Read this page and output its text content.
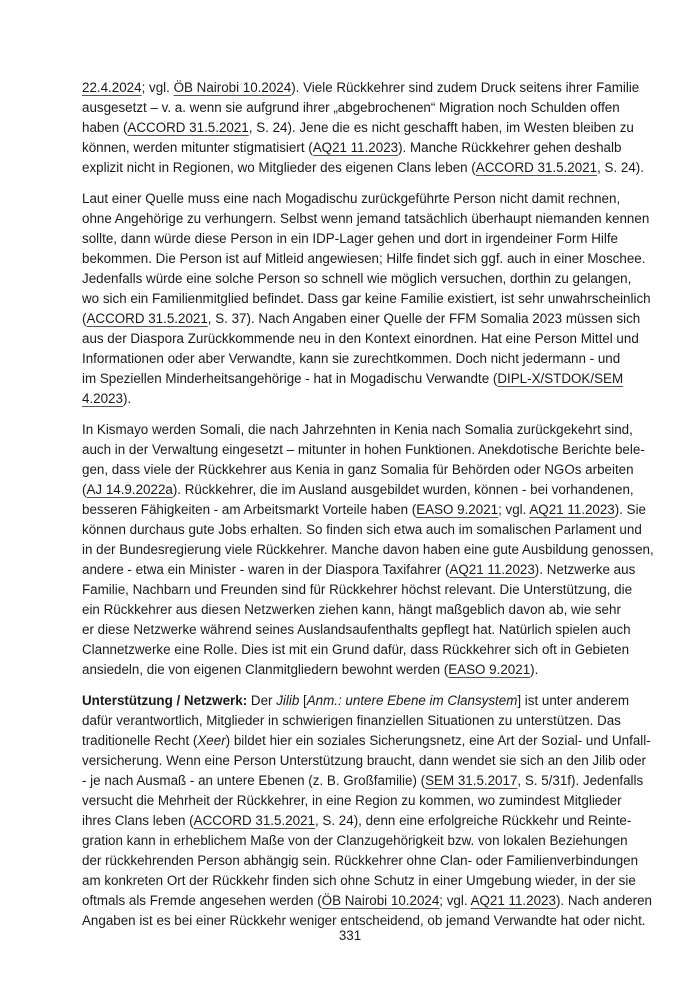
22.4.2024; vgl. ÖB Nairobi 10.2024). Viele Rückkehrer sind zudem Druck seitens ihrer Familie
ausgesetzt – v. a. wenn sie aufgrund ihrer „abgebrochenen“ Migration noch Schulden offen
haben (ACCORD 31.5.2021, S. 24). Jene die es nicht geschafft haben, im Westen bleiben zu
können, werden mitunter stigmatisiert (AQ21 11.2023). Manche Rückkehrer gehen deshalb
explizit nicht in Regionen, wo Mitglieder des eigenen Clans leben (ACCORD 31.5.2021, S. 24).
Laut einer Quelle muss eine nach Mogadischu zurückgeführte Person nicht damit rechnen,
ohne Angehörige zu verhungern. Selbst wenn jemand tatsächlich überhaupt niemanden kennen
sollte, dann würde diese Person in ein IDP-Lager gehen und dort in irgendeiner Form Hilfe
bekommen. Die Person ist auf Mitleid angewiesen; Hilfe findet sich ggf. auch in einer Moschee.
Jedenfalls würde eine solche Person so schnell wie möglich versuchen, dorthin zu gelangen,
wo sich ein Familienmitglied befindet. Dass gar keine Familie existiert, ist sehr unwahrscheinlich
(ACCORD 31.5.2021, S. 37). Nach Angaben einer Quelle der FFM Somalia 2023 müssen sich
aus der Diaspora Zurückkommende neu in den Kontext einordnen. Hat eine Person Mittel und
Informationen oder aber Verwandte, kann sie zurechtkommen. Doch nicht jedermann - und
im Speziellen Minderheitsangehörige - hat in Mogadischu Verwandte (DIPL-X/STDOK/SEM
4.2023).
In Kismayo werden Somali, die nach Jahrzehnten in Kenia nach Somalia zurückgekehrt sind,
auch in der Verwaltung eingesetzt – mitunter in hohen Funktionen. Anekdotische Berichte bele-
gen, dass viele der Rückkehrer aus Kenia in ganz Somalia für Behörden oder NGOs arbeiten
(AJ 14.9.2022a). Rückkehrer, die im Ausland ausgebildet wurden, können - bei vorhandenen,
besseren Fähigkeiten - am Arbeitsmarkt Vorteile haben (EASO 9.2021; vgl. AQ21 11.2023). Sie
können durchaus gute Jobs erhalten. So finden sich etwa auch im somalischen Parlament und
in der Bundesregierung viele Rückkehrer. Manche davon haben eine gute Ausbildung genossen,
andere - etwa ein Minister - waren in der Diaspora Taxifahrer (AQ21 11.2023). Netzwerke aus
Familie, Nachbarn und Freunden sind für Rückkehrer höchst relevant. Die Unterstützung, die
ein Rückkehrer aus diesen Netzwerken ziehen kann, hängt maßgeblich davon ab, wie sehr
er diese Netzwerke während seines Auslandsaufenthalts gepflegt hat. Natürlich spielen auch
Clannetzwerke eine Rolle. Dies ist mit ein Grund dafür, dass Rückkehrer sich oft in Gebieten
ansiedeln, die von eigenen Clanmitgliedern bewohnt werden (EASO 9.2021).
Unterstützung / Netzwerk: Der Jilib [Anm.: untere Ebene im Clansystem] ist unter anderem
dafür verantwortlich, Mitglieder in schwierigen finanziellen Situationen zu unterstützen. Das
traditionelle Recht (Xeer) bildet hier ein soziales Sicherungsnetz, eine Art der Sozial- und Unfall-
versicherung. Wenn eine Person Unterstützung braucht, dann wendet sie sich an den Jilib oder
- je nach Ausmaß - an untere Ebenen (z. B. Großfamilie) (SEM 31.5.2017, S. 5/31f). Jedenfalls
versucht die Mehrheit der Rückkehrer, in eine Region zu kommen, wo zumindest Mitglieder
ihres Clans leben (ACCORD 31.5.2021, S. 24), denn eine erfolgreiche Rückkehr und Reinte-
gration kann in erheblichem Maße von der Clanzugehörigkeit bzw. von lokalen Beziehungen
der rückkehrenden Person abhängig sein. Rückkehrer ohne Clan- oder Familienverbindungen
am konkreten Ort der Rückkehr finden sich ohne Schutz in einer Umgebung wieder, in der sie
oftmals als Fremde angesehen werden (ÖB Nairobi 10.2024; vgl. AQ21 11.2023). Nach anderen
Angaben ist es bei einer Rückkehr weniger entscheidend, ob jemand Verwandte hat oder nicht.
331
